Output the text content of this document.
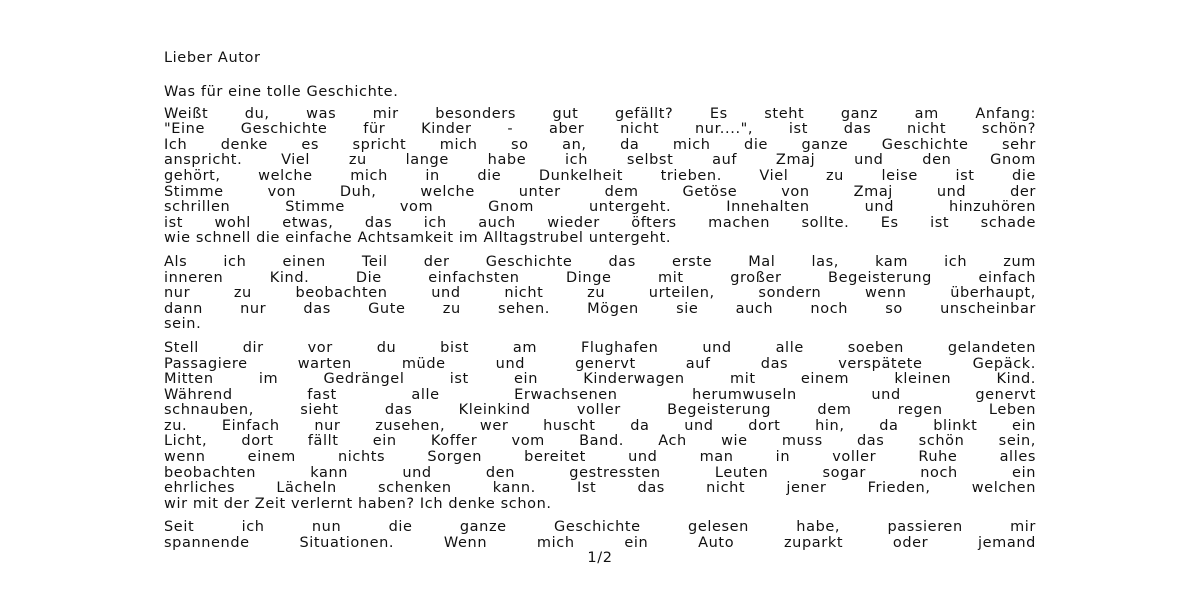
Lieber Autor
Was für eine tolle Geschichte.
Weißt du, was mir besonders gut gefällt? Es steht ganz am Anfang:
"Eine Geschichte für Kinder - aber nicht nur....", ist das nicht schön?
Ich denke es spricht mich so an, da mich die ganze Geschichte sehr
anspricht. Viel zu lange habe ich selbst auf Zmaj und den Gnom
gehört, welche mich in die Dunkelheit trieben. Viel zu leise ist die
Stimme von Duh, welche unter dem Getöse von Zmaj und der
schrillen Stimme vom Gnom untergeht. Innehalten und hinzuhören
ist wohl etwas, das ich auch wieder öfters machen sollte. Es ist schade
wie schnell die einfache Achtsamkeit im Alltagstrubel untergeht.
Als ich einen Teil der Geschichte das erste Mal las, kam ich zum
inneren Kind. Die einfachsten Dinge mit großer Begeisterung einfach
nur zu beobachten und nicht zu urteilen, sondern wenn überhaupt,
dann nur das Gute zu sehen. Mögen sie auch noch so unscheinbar
sein.
Stell dir vor du bist am Flughafen und alle soeben gelandeten
Passagiere warten müde und genervt auf das verspätete Gepäck.
Mitten im Gedrängel ist ein Kinderwagen mit einem kleinen Kind.
Während fast alle Erwachsenen herumwuseln und genervt
schnauben, sieht das Kleinkind voller Begeisterung dem regen Leben
zu. Einfach nur zusehen, wer huscht da und dort hin, da blinkt ein
Licht, dort fällt ein Koffer vom Band. Ach wie muss das schön sein,
wenn einem nichts Sorgen bereitet und man in voller Ruhe alles
beobachten kann und den gestressten Leuten sogar noch ein
ehrliches Lächeln schenken kann. Ist das nicht jener Frieden, welchen
wir mit der Zeit verlernt haben? Ich denke schon.
Seit ich nun die ganze Geschichte gelesen habe, passieren mir
spannende Situationen. Wenn mich ein Auto zuparkt oder jemand
1/2
